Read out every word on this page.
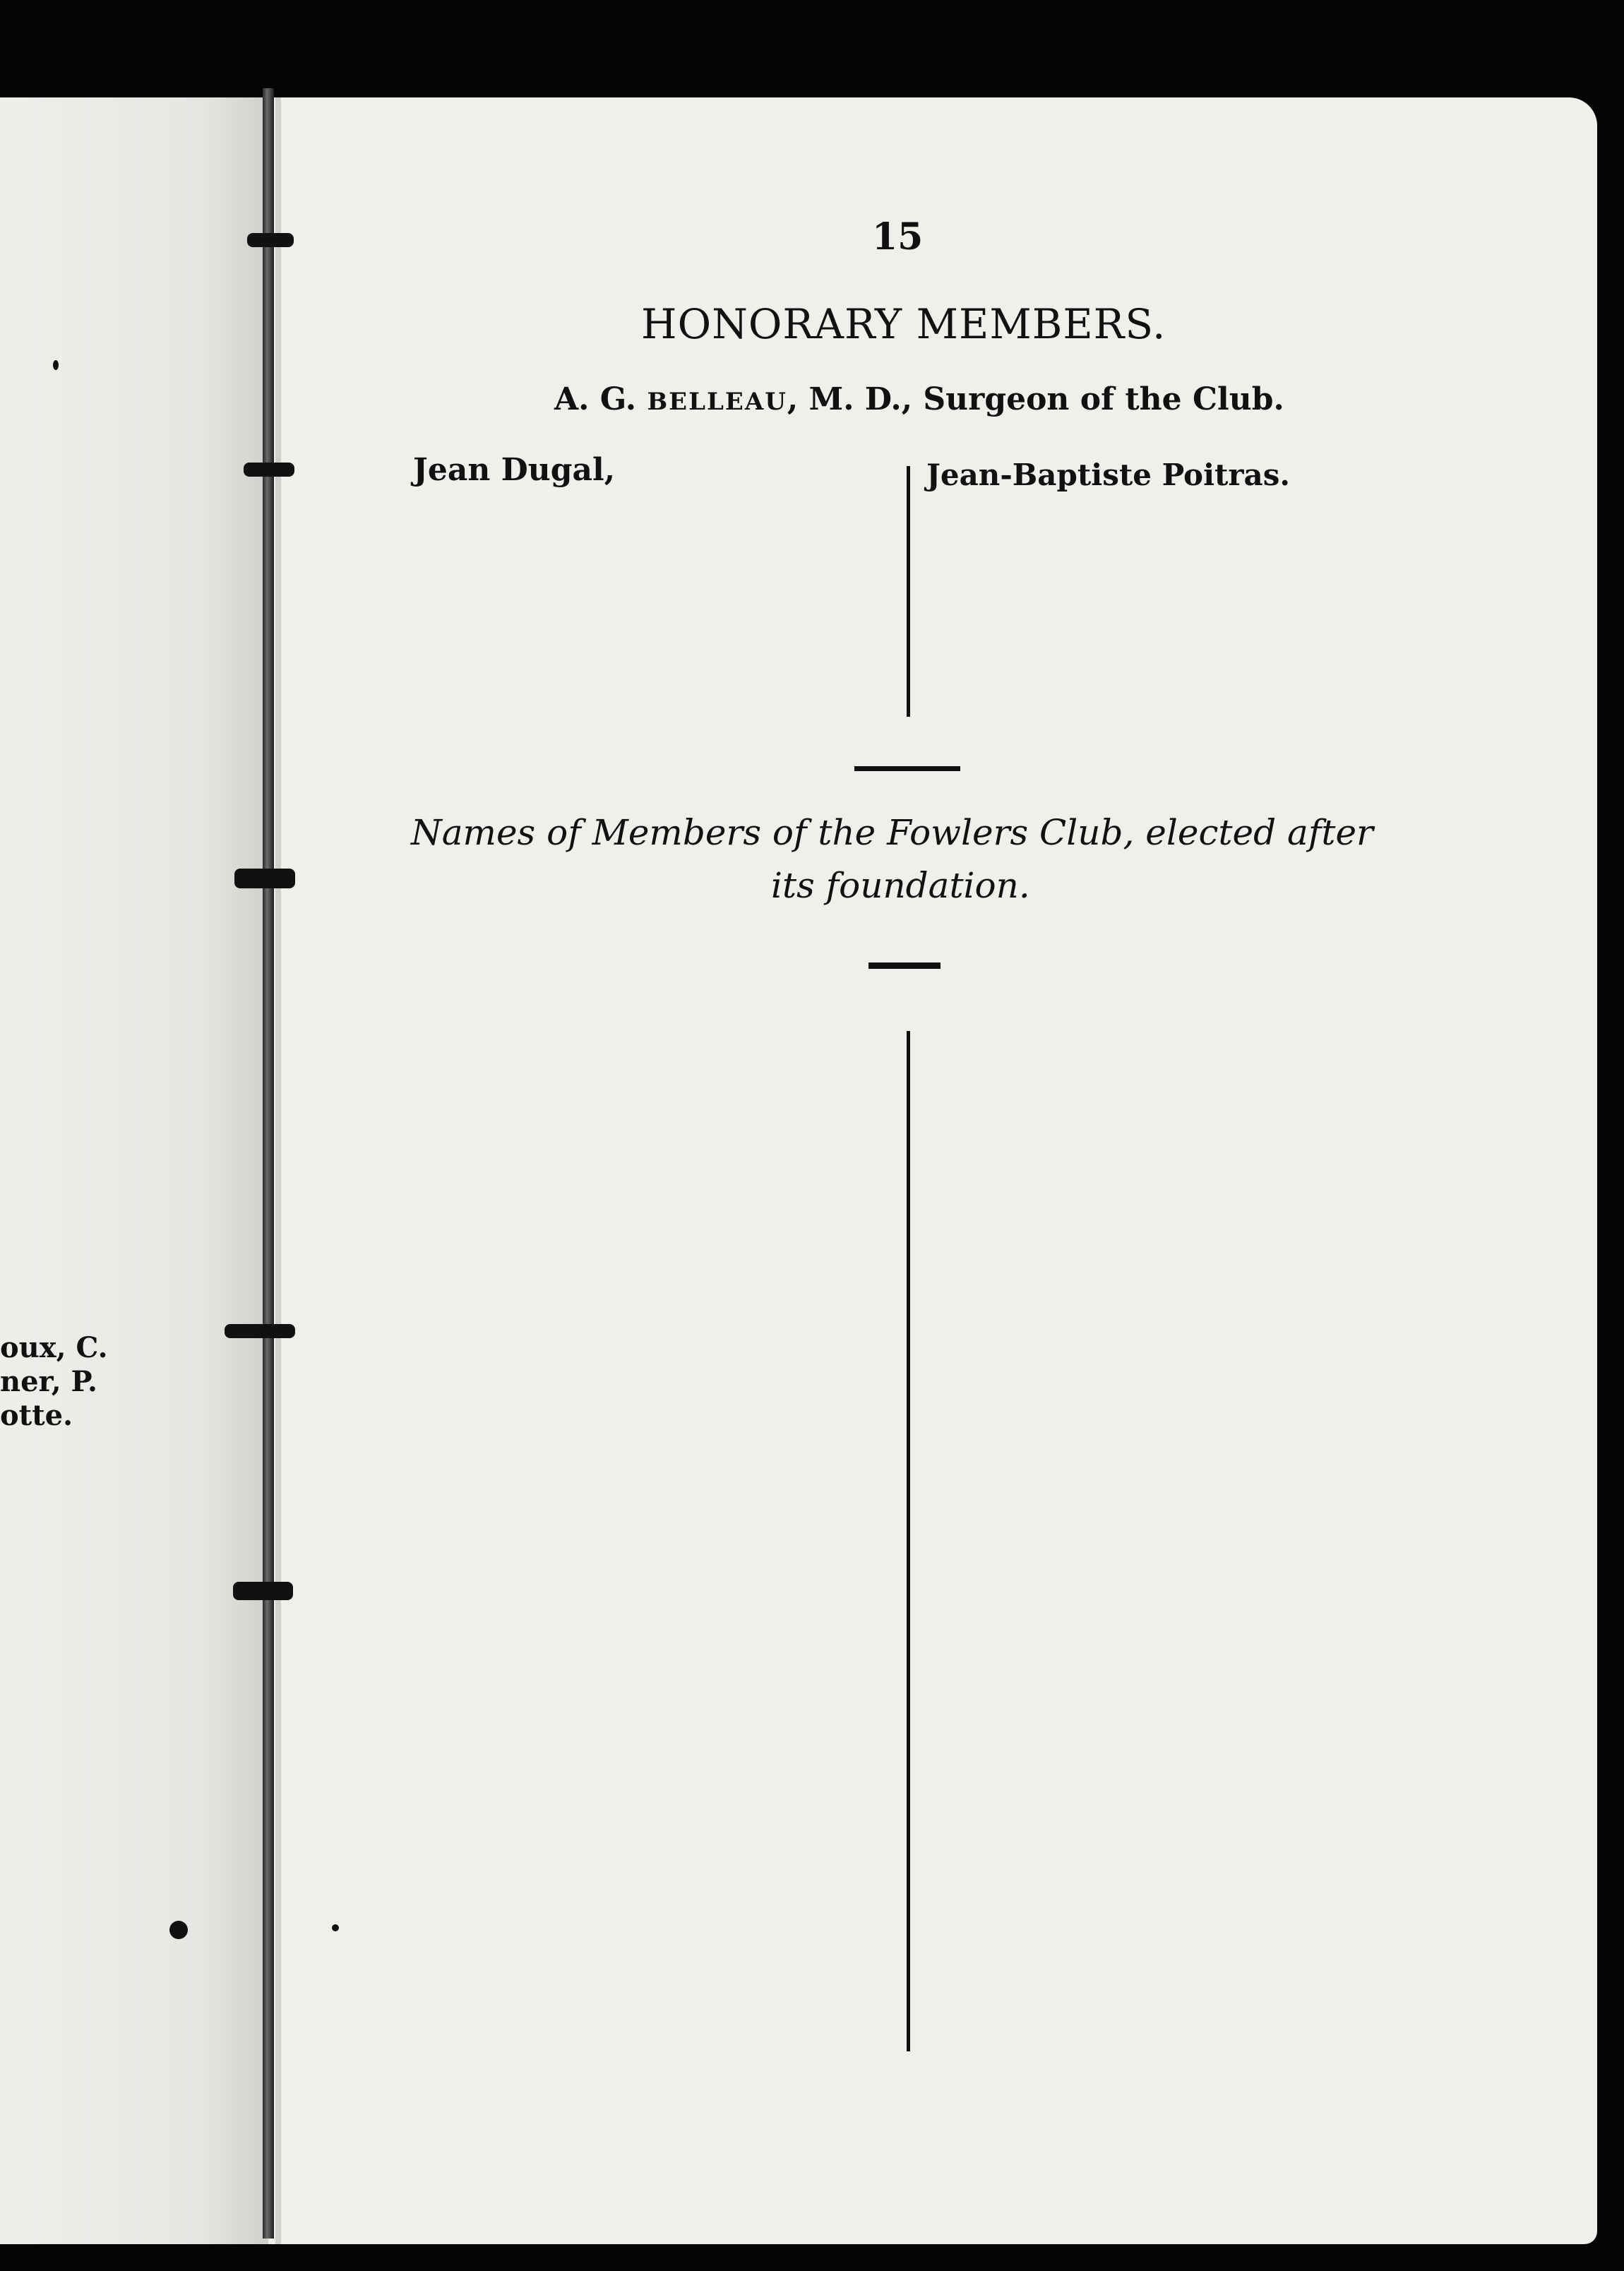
oux, C.
ner, P.
otte.
15
HONORARY MEMBERS.
A. G. BELLEAU, M. D., Surgeon of the Club.
Jean Dugal,	Jean-Baptiste Poitras.
Names of Members of the Fowlers Club, elected after
its foundation.
